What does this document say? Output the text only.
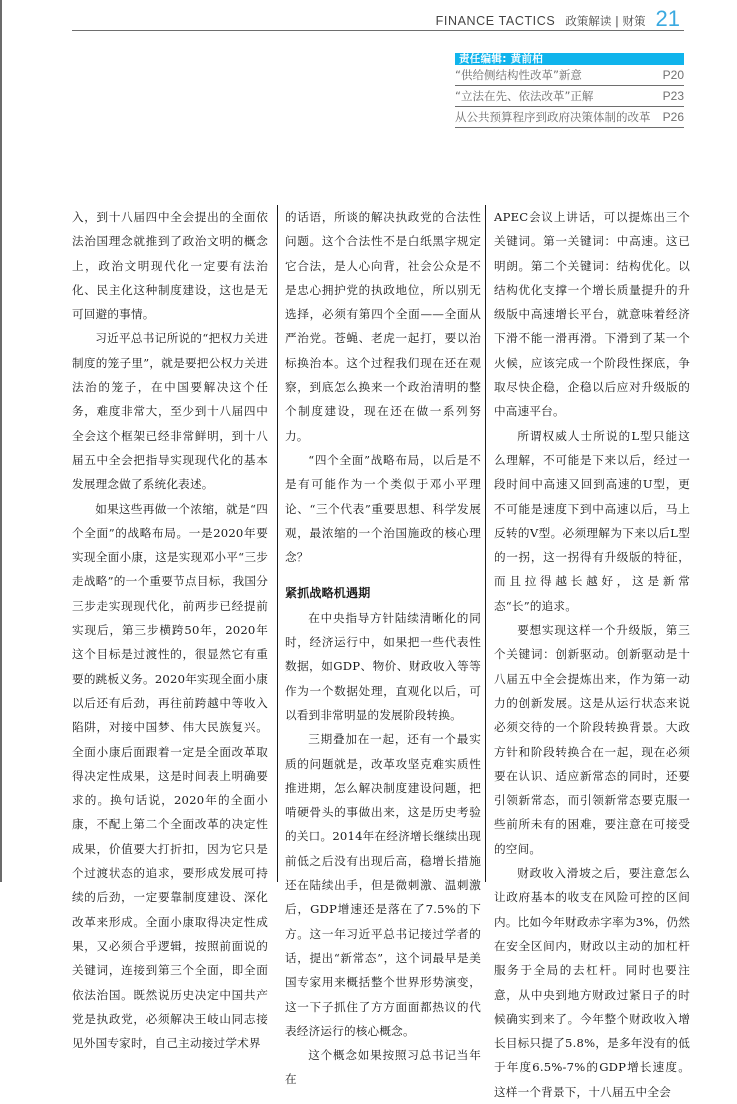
FINANCE TACTICS 政策解读 | 财策 21
责任编辑: 黄前柏
“供给侧结构性改革”新意	P20
“立法在先、依法改革”正解	P23
从公共预算程序到政府决策体制的改革 P26

入，到十八届四中全会提出的全面依法治国理念就推到了政治文明的概念上，政治文明现代化一定要有法治化、民主化这种制度建设，这也是无可回避的事情。

习近平总书记所说的“把权力关进制度的笼子里”，就是要把公权力关进法治的笼子，在中国要解决这个任务，难度非常大，至少到十八届四中全会这个框架已经非常鲜明，到十八届五中全会把指导实现现代化的基本发展理念做了系统化表述。

如果这些再做一个浓缩，就是“四个全面”的战略布局。一是2020年要实现全面小康，这是实现邓小平“三步走战略”的一个重要节点目标，我国分三步走实现现代化，前两步已经提前实现后，第三步横跨50年，2020年这个目标是过渡性的，很显然它有重要的跳板义务。2020年实现全面小康以后还有后劲，再往前跨越中等收入陷阱，对接中国梦、伟大民族复兴。全面小康后面跟着一定是全面改革取得决定性成果，这是时间表上明确要求的。换句话说，2020年的全面小康，不配上第二个全面改革的决定性成果，价值要大打折扣，因为它只是个过渡状态的追求，要形成发展可持续的后劲，一定要靠制度建设、深化改革来形成。全面小康取得决定性成果，又必须合乎逻辑，按照前面说的关键词，连接到第三个全面，即全面依法治国。既然说历史决定中国共产党是执政党，必须解决王岐山同志接见外国专家时，自己主动接过学术界

的话语，所谈的解决执政党的合法性问题。这个合法性不是白纸黑字规定它合法，是人心向背，社会公众是不是忠心拥护党的执政地位，所以别无选择，必须有第四个全面——全面从严治党。苍蝇、老虎一起打，要以治标换治本。这个过程我们现在还在观察，到底怎么换来一个政治清明的整个制度建设，现在还在做一系列努力。

“四个全面”战略布局，以后是不是有可能作为一个类似于邓小平理论、“三个代表”重要思想、科学发展观，最浓缩的一个治国施政的核心理念？

紧抓战略机遇期

在中央指导方针陆续清晰化的同时，经济运行中，如果把一些代表性数据，如GDP、物价、财政收入等等作为一个数据处理，直观化以后，可以看到非常明显的发展阶段转换。

三期叠加在一起，还有一个最实质的问题就是，改革攻坚克难实质性推进期，怎么解决制度建设问题，把啃硬骨头的事做出来，这是历史考验的关口。2014年在经济增长继续出现前低之后没有出现后高，稳增长措施还在陆续出手，但是微刺激、温刺激后，GDP增速还是落在了7.5%的下方。这一年习近平总书记接过学者的话，提出“新常态”，这个词最早是美国专家用来概括整个世界形势演变，这一下子抓住了方方面面都热议的代表经济运行的核心概念。

这个概念如果按照习总书记当年在

APEC会议上讲话，可以提炼出三个关键词。第一关键词：中高速。这已明朗。第二个关键词：结构优化。以结构优化支撑一个增长质量提升的升级版中高速增长平台，就意味着经济下滑不能一滑再滑。下滑到了某一个火候，应该完成一个阶段性探底，争取尽快企稳，企稳以后应对升级版的中高速平台。

所谓权威人士所说的L型只能这么理解，不可能是下来以后，经过一段时间中高速又回到高速的U型，更不可能是速度下到中高速以后，马上反转的V型。必须理解为下来以后L型的一拐，这一拐得有升级版的特征，而且拉得越长越好，这是新常态“长”的追求。

要想实现这样一个升级版，第三个关键词：创新驱动。创新驱动是十八届五中全会提炼出来，作为第一动力的创新发展。这是从运行状态来说必须交待的一个阶段转换背景。大政方针和阶段转换合在一起，现在必须要在认识、适应新常态的同时，还要引领新常态，而引领新常态要克服一些前所未有的困难，要注意在可接受的空间。

财政收入滑坡之后，要注意怎么让政府基本的收支在风险可控的区间内。比如今年财政赤字率为3%，仍然在安全区间内，财政以主动的加杠杆服务于全局的去杠杆。同时也要注意，从中央到地方财政过紧日子的时候确实到来了。今年整个财政收入增长目标只提了5.8%，是多年没有的低于年度6.5%-7%的GDP增长速度。这样一个背景下，十八届五中全会
